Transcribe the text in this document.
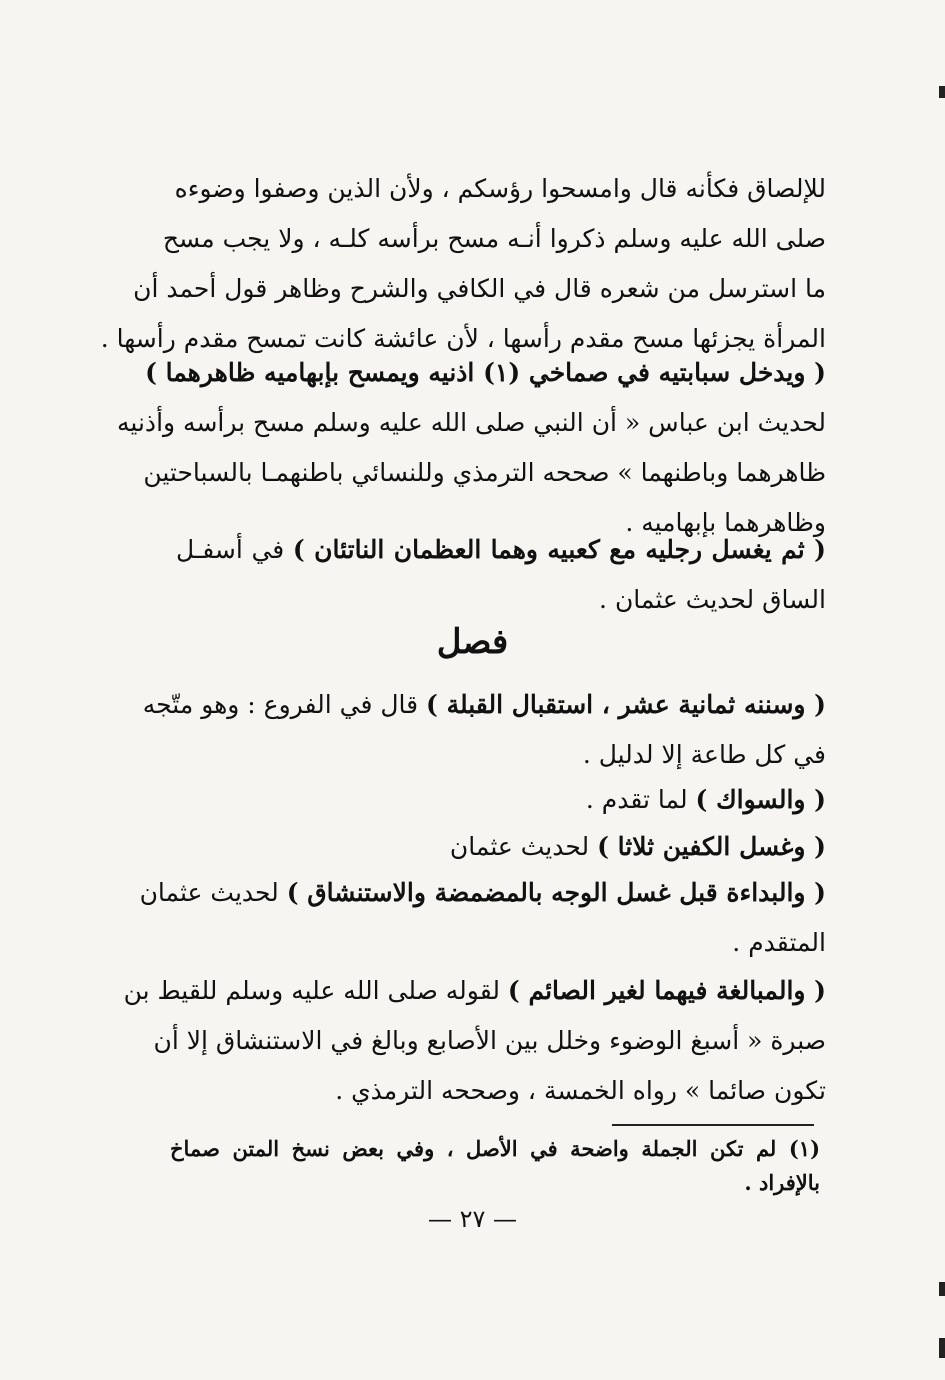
للإلصاق فكأنه قال وامسحوا رؤسكم ، ولأن الذين وصفوا وضوءه
صلى الله عليه وسلم ذكروا أنـه مسح برأسه كلـه ، ولا يجب مسح
ما استرسل من شعره قال في الكافي والشرح وظاهر قول أحمد أن
المرأة يجزئها مسح مقدم رأسها ، لأن عائشة كانت تمسح مقدم رأسها .
( ويدخل سبابتيه في صماخي (١) اذنيه ويمسح بإبهاميه ظاهرهما )
لحديث ابن عباس « أن النبي صلى الله عليه وسلم مسح برأسه وأذنيه
ظاهرهما وباطنهما » صححه الترمذي وللنسائي باطنهمـا بالسباحتين
وظاهرهما بإبهاميه .
( ثم يغسل رجليه مع كعبيه وهما العظمان الناتئان ) في أسفـل
الساق لحديث عثمان .
فصل
( وسننه ثمانية عشر ، استقبال القبلة ) قال في الفروع : وهو متّجه
في كل طاعة إلا لدليل .
( والسواك ) لما تقدم .
( وغسل الكفين ثلاثا ) لحديث عثمان
( والبداءة قبل غسل الوجه بالمضمضة والاستنشاق ) لحديث عثمان
المتقدم .
( والمبالغة فيهما لغير الصائم ) لقوله صلى الله عليه وسلم للقيط بن
صبرة « أسبغ الوضوء وخلل بين الأصابع وبالغ في الاستنشاق إلا أن
تكون صائما » رواه الخمسة ، وصححه الترمذي .
(١) لم تكن الجملة واضحة في الأصل ، وفي بعض نسخ المتن صماخ
بالإفراد .
— ٢٧ —
